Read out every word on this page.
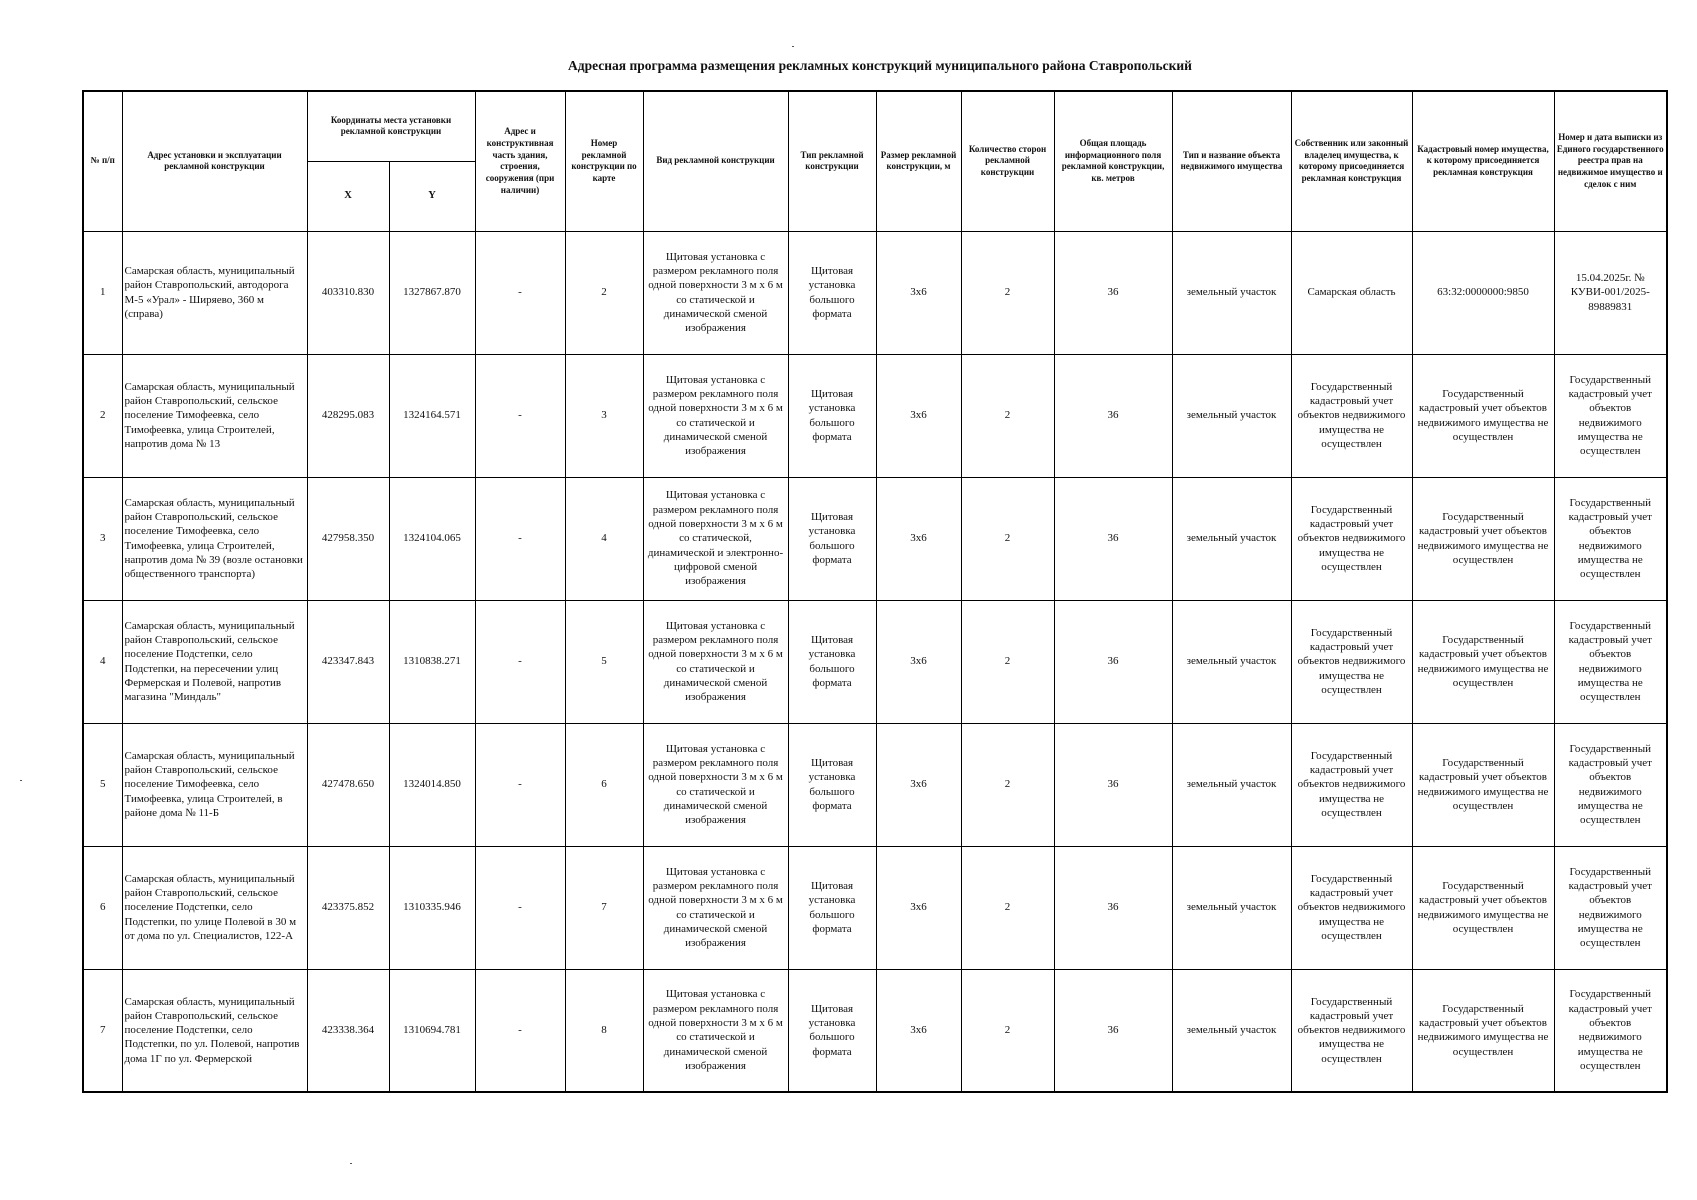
Адресная программа размещения рекламных конструкций муниципального района Ставропольский
№ п/п	Адрес установки и эксплуатации рекламной конструкции	Координаты места установки рекламной конструкции		Адрес и конструктивная часть здания, строения, сооружения (при наличии)	Номер рекламной конструкции по карте	Вид рекламной конструкции	Тип рекламной конструкции	Размер рекламной конструкции, м	Количество сторон рекламной конструкции	Общая площадь информационного поля рекламной конструкции, кв. метров	Тип и название объекта недвижимого имущества	Собственник или законный владелец имущества, к которому присоединяется рекламная конструкция	Кадастровый номер имущества, к которому присоединяется рекламная конструкция	Номер и дата выписки из Единого государственного реестра прав на недвижимое имущество и сделок с ним
		X	Y											
1	Самарская область, муниципальный район Ставропольский, автодорога М-5 «Урал» - Ширяево, 360 м (справа)	403310.830	1327867.870	-	2	Щитовая установка с размером рекламного поля одной поверхности 3 м х 6 м со статической и динамической сменой изображения	Щитовая установка большого формата	3х6	2	36	земельный участок	Самарская область	63:32:0000000:9850	15.04.2025г. № КУВИ-001/2025-89889831
2	Самарская область, муниципальный район Ставропольский, сельское поселение Тимофеевка, село Тимофеевка, улица Строителей, напротив дома № 13	428295.083	1324164.571	-	3	Щитовая установка с размером рекламного поля одной поверхности 3 м х 6 м со статической и динамической сменой изображения	Щитовая установка большого формата	3х6	2	36	земельный участок	Государственный кадастровый учет объектов недвижимого имущества не осуществлен	Государственный кадастровый учет объектов недвижимого имущества не осуществлен	Государственный кадастровый учет объектов недвижимого имущества не осуществлен
3	Самарская область, муниципальный район Ставропольский, сельское поселение Тимофеевка, село Тимофеевка, улица Строителей, напротив дома № 39 (возле остановки общественного транспорта)	427958.350	1324104.065	-	4	Щитовая установка с размером рекламного поля одной поверхности 3 м х 6 м со статической, динамической и электронно-цифровой сменой изображения	Щитовая установка большого формата	3х6	2	36	земельный участок	Государственный кадастровый учет объектов недвижимого имущества не осуществлен	Государственный кадастровый учет объектов недвижимого имущества не осуществлен	Государственный кадастровый учет объектов недвижимого имущества не осуществлен
4	Самарская область, муниципальный район Ставропольский, сельское поселение Подстепки, село Подстепки, на пересечении улиц Фермерская и Полевой, напротив магазина "Миндаль"	423347.843	1310838.271	-	5	Щитовая установка с размером рекламного поля одной поверхности 3 м х 6 м со статической и динамической сменой изображения	Щитовая установка большого формата	3х6	2	36	земельный участок	Государственный кадастровый учет объектов недвижимого имущества не осуществлен	Государственный кадастровый учет объектов недвижимого имущества не осуществлен	Государственный кадастровый учет объектов недвижимого имущества не осуществлен
5	Самарская область, муниципальный район Ставропольский, сельское поселение Тимофеевка, село Тимофеевка, улица Строителей, в районе дома № 11-Б	427478.650	1324014.850	-	6	Щитовая установка с размером рекламного поля одной поверхности 3 м х 6 м со статической и динамической сменой изображения	Щитовая установка большого формата	3х6	2	36	земельный участок	Государственный кадастровый учет объектов недвижимого имущества не осуществлен	Государственный кадастровый учет объектов недвижимого имущества не осуществлен	Государственный кадастровый учет объектов недвижимого имущества не осуществлен
6	Самарская область, муниципальный район Ставропольский, сельское поселение Подстепки, село Подстепки, по улице Полевой в 30 м от дома по ул. Специалистов, 122-А	423375.852	1310335.946	-	7	Щитовая установка с размером рекламного поля одной поверхности 3 м х 6 м со статической и динамической сменой изображения	Щитовая установка большого формата	3х6	2	36	земельный участок	Государственный кадастровый учет объектов недвижимого имущества не осуществлен	Государственный кадастровый учет объектов недвижимого имущества не осуществлен	Государственный кадастровый учет объектов недвижимого имущества не осуществлен
7	Самарская область, муниципальный район Ставропольский, сельское поселение Подстепки, село Подстепки, по ул. Полевой, напротив дома 1Г по ул. Фермерской	423338.364	1310694.781	-	8	Щитовая установка с размером рекламного поля одной поверхности 3 м х 6 м со статической и динамической сменой изображения	Щитовая установка большого формата	3х6	2	36	земельный участок	Государственный кадастровый учет объектов недвижимого имущества не осуществлен	Государственный кадастровый учет объектов недвижимого имущества не осуществлен	Государственный кадастровый учет объектов недвижимого имущества не осуществлен
